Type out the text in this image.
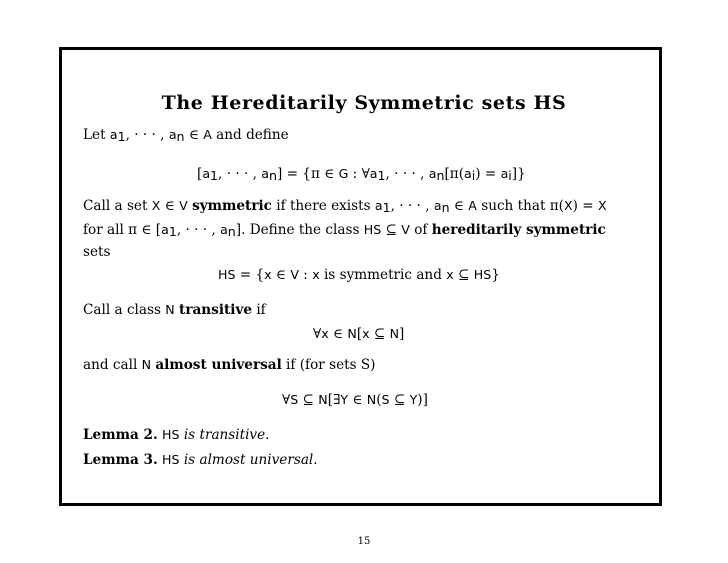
The Hereditarily Symmetric sets HS
Let $a_1$, · · · , $a_n$ ∈ A and define
[$a_1$, · · · , $a_n] = \{\pi$ ∈ G : $\forall a_1$, · · · , $a_n[\pi(a_i) = a_i]$}
Call a set X ∈ V symmetric if there exists $a_1$, · · · , $a_n$ ∈ A such that π(X) = X
for all π ∈ [$a_1$, · · · , $a_n$]. Define the class HS ⊆ V of hereditarily symmetric
sets
HS = {x ∈ V : x is symmetric and x ⊆ HS}
Call a class N transitive if
∀x ∈ N[x ⊆ N]
and call N almost universal if (for sets S)
∀S ⊆ N[∃Y ∈ N(S ⊆ Y)]
Lemma 2. HS is transitive.
Lemma 3. HS is almost universal.
15
